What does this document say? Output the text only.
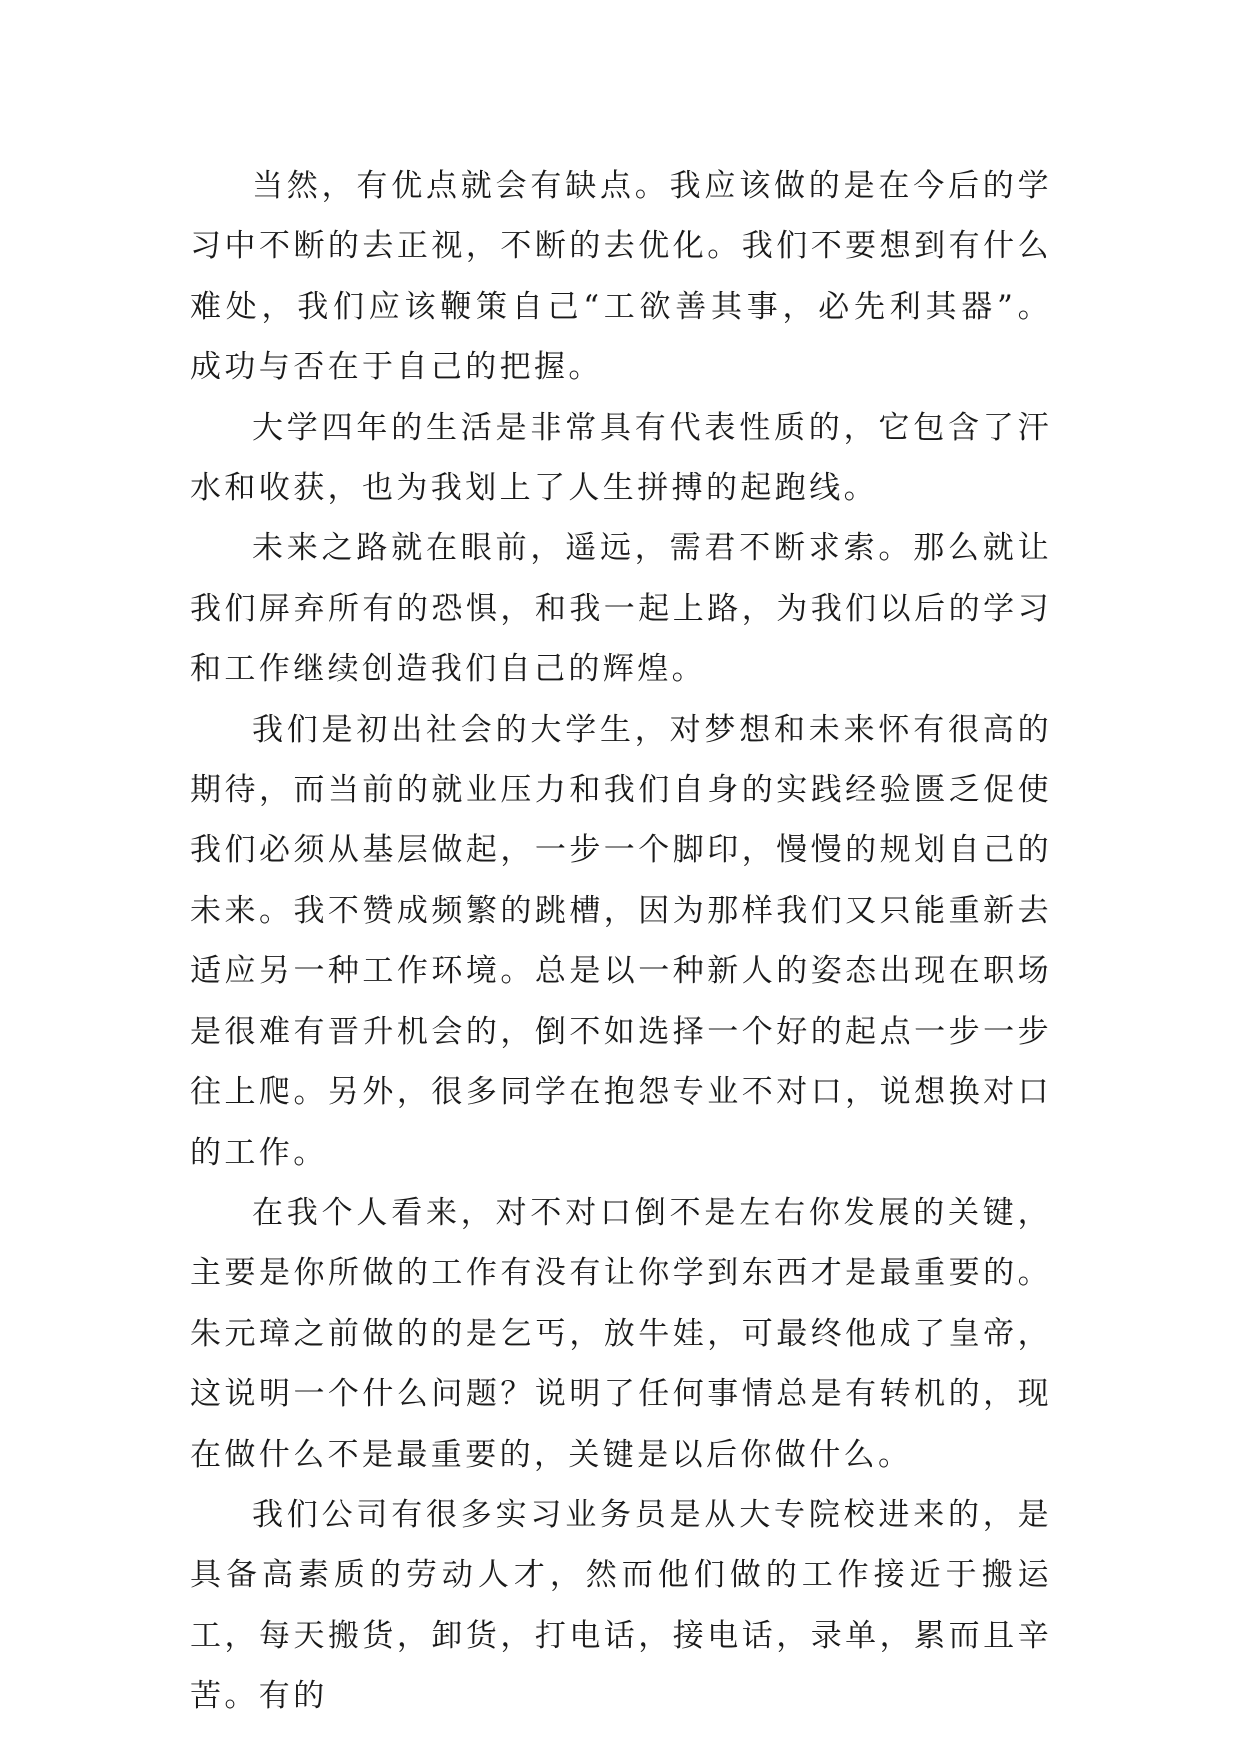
当然，有优点就会有缺点。我应该做的是在今后的学习中不断的去正视，不断的去优化。我们不要想到有什么难处，我们应该鞭策自己“工欲善其事，必先利其器”。成功与否在于自己的把握。

大学四年的生活是非常具有代表性质的，它包含了汗水和收获，也为我划上了人生拼搏的起跑线。

未来之路就在眼前，遥远，需君不断求索。那么就让我们屏弃所有的恐惧，和我一起上路，为我们以后的学习和工作继续创造我们自己的辉煌。

我们是初出社会的大学生，对梦想和未来怀有很高的期待，而当前的就业压力和我们自身的实践经验匮乏促使我们必须从基层做起，一步一个脚印，慢慢的规划自己的未来。我不赞成频繁的跳槽，因为那样我们又只能重新去适应另一种工作环境。总是以一种新人的姿态出现在职场是很难有晋升机会的，倒不如选择一个好的起点一步一步往上爬。另外，很多同学在抱怨专业不对口，说想换对口的工作。

在我个人看来，对不对口倒不是左右你发展的关键，主要是你所做的工作有没有让你学到东西才是最重要的。朱元璋之前做的的是乞丐，放牛娃，可最终他成了皇帝，这说明一个什么问题？说明了任何事情总是有转机的，现在做什么不是最重要的，关键是以后你做什么。

我们公司有很多实习业务员是从大专院校进来的，是具备高素质的劳动人才，然而他们做的工作接近于搬运工，每天搬货，卸货，打电话，接电话，录单，累而且辛苦。有的
